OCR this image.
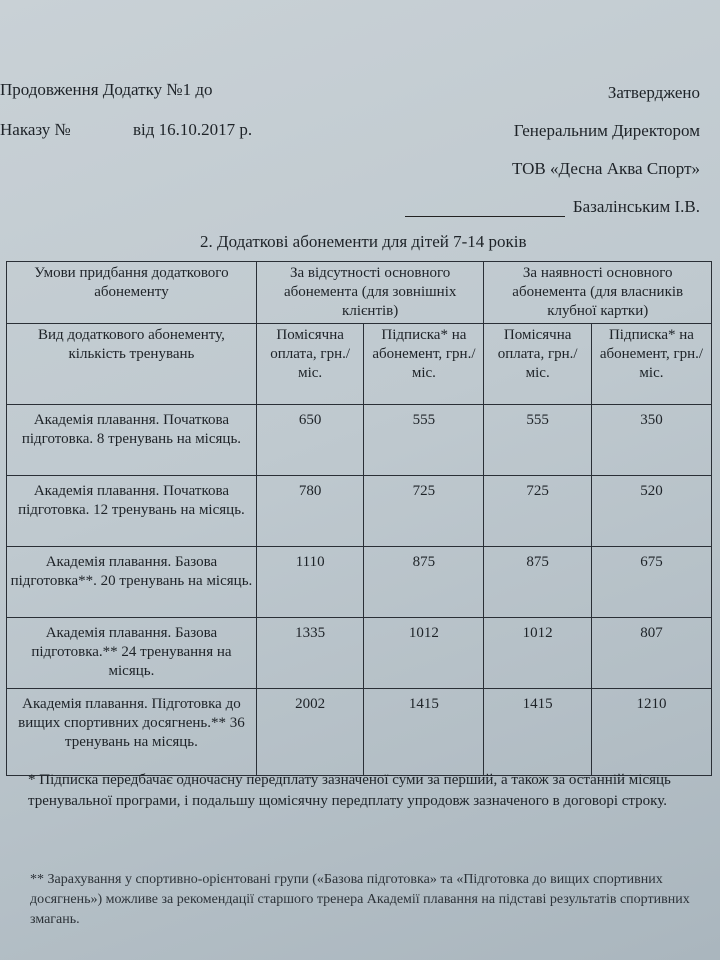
Продовження Додатку №1 до
Наказу №	від 16.10.2017 р.
Затверджено
Генеральним Директором
ТОВ «Десна Аква Спорт»
Базалінським І.В.
2. Додаткові абонементи для дітей 7-14 років
Умови придбання додаткового абонементу	За відсутності основного абонемента (для зовнішніх клієнтів)		За наявності основного абонемента (для власників клубної картки)	
Вид додаткового абонементу, кількість тренувань	Помісячна оплата, грн./міс.	Підписка* на абонемент, грн./міс.	Помісячна оплата, грн./міс.	Підписка* на абонемент, грн./міс.
Академія плавання. Початкова підготовка. 8 тренувань на місяць.	650	555	555	350
Академія плавання. Початкова підготовка. 12 тренувань на місяць.	780	725	725	520
Академія плавання. Базова підготовка**. 20 тренувань на місяць.	1110	875	875	675
Академія плавання. Базова підготовка.** 24 тренування на місяць.	1335	1012	1012	807
Академія плавання. Підготовка до вищих спортивних досягнень.** 36 тренувань на місяць.	2002	1415	1415	1210
* Підписка передбачає одночасну передплату зазначеної суми за перший, а також за останній місяць тренувальної програми, і подальшу щомісячну передплату упродовж зазначеного в договорі строку.
** Зарахування у спортивно-орієнтовані групи («Базова підготовка» та «Підготовка до вищих спортивних досягнень») можливе за рекомендації старшого тренера Академії плавання на підставі результатів спортивних змагань.
